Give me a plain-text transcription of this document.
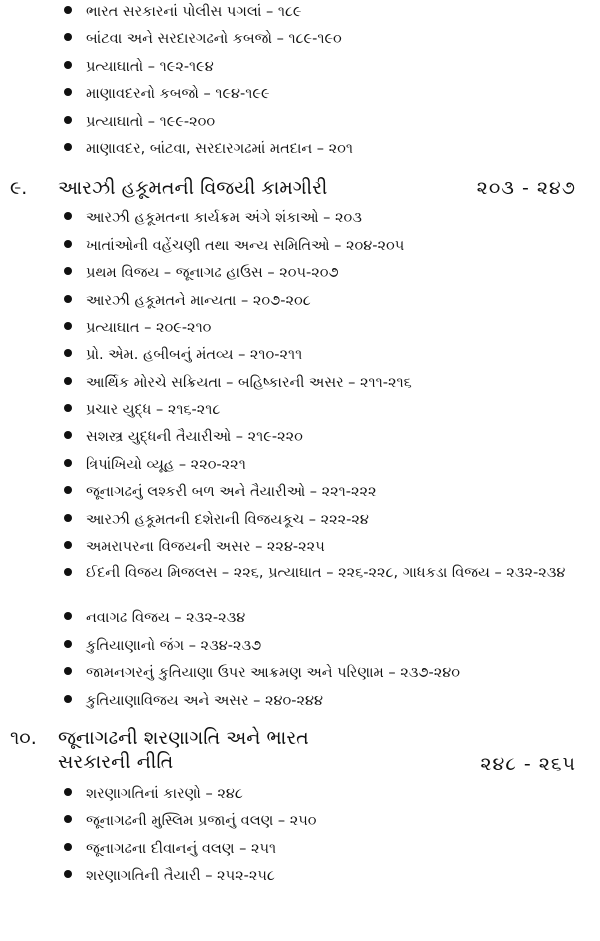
ભારત સરકારનાં પોલીસ પગલાં – ૧૮૯
બાંટવા અને સરદારગઢનો કબજો – ૧૮૯-૧૯૦
પ્રત્યાઘાતો – ૧૯૨-૧૯૪
માણાવદરનો કબજો – ૧૯૪-૧૯૯
પ્રત્યાઘાતો – ૧૯૯-૨૦૦
માણાવદર, બાંટવા, સરદારગઢમાં મતદાન – ૨૦૧
૯. આરઝી હકૂમતની વિજયી કામગીરી	૨૦૩ - ૨૪૭
આરઝી હકૂમતના કાર્યક્રમ અંગે શંકાઓ – ૨૦૩
ખાતાંઓની વહેંચણી તથા અન્ય સમિતિઓ – ૨૦૪-૨૦૫
પ્રથમ વિજય – જૂનાગઢ હાઉસ – ૨૦૫-૨૦૭
આરઝી હકૂમતને માન્યતા – ૨૦૭-૨૦૮
પ્રત્યાઘાત – ૨૦૯-૨૧૦
પ્રો. એમ. હબીબનું મંતવ્ય – ૨૧૦-૨૧૧
આર્થિક મોરચે સક્રિયતા – બહિષ્કારની અસર – ૨૧૧-૨૧૬
પ્રચાર યુદ્ધ – ૨૧૬-૨૧૮
સશસ્ત્ર યુદ્ધની તૈયારીઓ – ૨૧૯-૨૨૦
ત્રિપાંખિયો વ્યૂહ – ૨૨૦-૨૨૧
જૂનાગઢનું લશ્કરી બળ અને તૈયારીઓ – ૨૨૧-૨૨૨
આરઝી હકૂમતની દશેરાની વિજયકૂચ – ૨૨૨-૨૪
અમરાપરના વિજયની અસર – ૨૨૪-૨૨૫
ઈદની વિજય મિજલસ – ૨૨૬, પ્રત્યાઘાત – ૨૨૬-૨૨૮, ગાધકડા વિજય – ૨૩૨-૨૩૪
નવાગઢ વિજય – ૨૩૨-૨૩૪
કુતિયાણાનો જંગ – ૨૩૪-૨૩૭
જામનગરનું કુતિયાણા ઉપર આક્રમણ અને પરિણામ – ૨૩૭-૨૪૦
કુતિયાણાવિજય અને અસર – ૨૪૦-૨૪૪
૧૦. જૂનાગઢની શરણાગતિ અને ભારત
સરકારની નીતિ	૨૪૮ - ૨૬૫
શરણાગતિનાં કારણો – ૨૪૮
જૂનાગઢની મુસ્લિમ પ્રજાનું વલણ – ૨૫૦
જૂનાગઢના દીવાનનું વલણ – ૨૫૧
શરણાગતિની તૈયારી – ૨૫૨-૨૫૮
